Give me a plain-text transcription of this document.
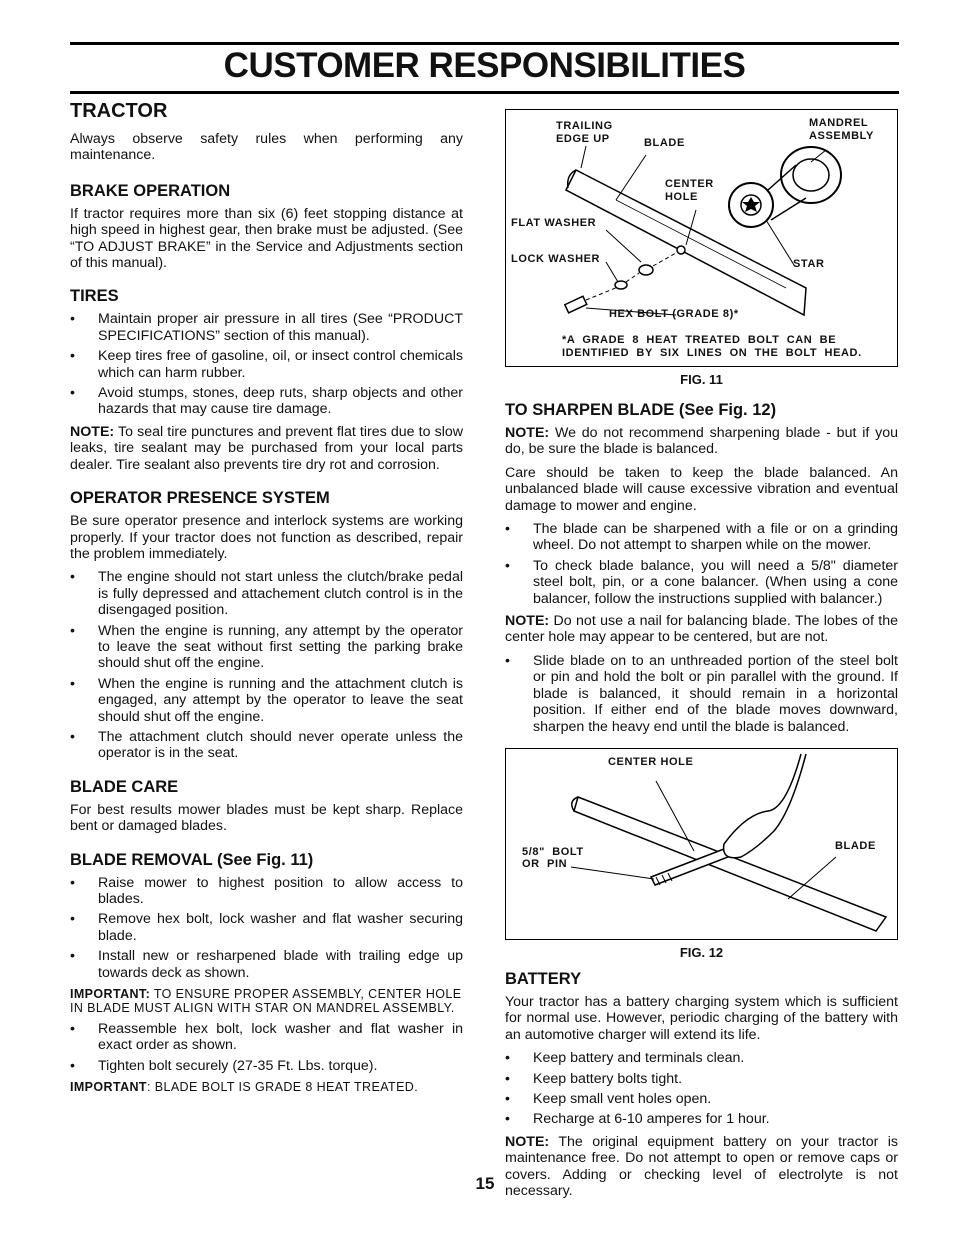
CUSTOMER RESPONSIBILITIES
TRACTOR

Always observe safety rules when performing any maintenance.

BRAKE OPERATION

If tractor requires more than six (6) feet stopping distance at high speed in highest gear, then brake must be adjusted. (See “TO ADJUST BRAKE” in the Service and Adjustments section of this manual).

TIRES
• Maintain proper air pressure in all tires (See “PRODUCT SPECIFICATIONS” section of this manual).
• Keep tires free of gasoline, oil, or insect control chemicals which can harm rubber.
• Avoid stumps, stones, deep ruts, sharp objects and other hazards that may cause tire damage.

NOTE: To seal tire punctures and prevent flat tires due to slow leaks, tire sealant may be purchased from your local parts dealer. Tire sealant also prevents tire dry rot and corrosion.

OPERATOR PRESENCE SYSTEM

Be sure operator presence and interlock systems are working properly. If your tractor does not function as described, repair the problem immediately.

• The engine should not start unless the clutch/brake pedal is fully depressed and attachement clutch control is in the disengaged position.
• When the engine is running, any attempt by the operator to leave the seat without first setting the parking brake should shut off the engine.
• When the engine is running and the attachment clutch is engaged, any attempt by the operator to leave the seat should shut off the engine.
• The attachment clutch should never operate unless the operator is in the seat.
BLADE CARE

For best results mower blades must be kept sharp. Replace bent or damaged blades.

BLADE REMOVAL (See Fig. 11)
• Raise mower to highest position to allow access to blades.
• Remove hex bolt, lock washer and flat washer securing blade.
• Install new or resharpened blade with trailing edge up towards deck as shown.

IMPORTANT: TO ENSURE PROPER ASSEMBLY, CENTER HOLE IN BLADE MUST ALIGN WITH STAR ON MANDREL ASSEMBLY.

• Reassemble hex bolt, lock washer and flat washer in exact order as shown.
• Tighten bolt securely (27-35 Ft. Lbs. torque).

IMPORTANT: BLADE BOLT IS GRADE 8 HEAT TREATED.

TRAILING
EDGE UP	BLADE
MANDREL
ASSEMBLY
CENTER
HOLE
FLAT WASHER
LOCK WASHER	STAR
HEX BOLT (GRADE 8)*
*A  GRADE  8  HEAT  TREATED  BOLT  CAN  BE
IDENTIFIED  BY  SIX  LINES  ON  THE  BOLT  HEAD.
FIG. 11
TO SHARPEN BLADE (See Fig. 12)

NOTE: We do not recommend sharpening blade - but if you do, be sure the blade is balanced.

Care should be taken to keep the blade balanced. An unbalanced blade will cause excessive vibration and eventual damage to mower and engine.

• The blade can be sharpened with a file or on a grinding wheel. Do not attempt to sharpen while on the mower.
• To check blade balance, you will need a 5/8" diameter steel bolt, pin, or a cone balancer. (When using a cone balancer, follow the instructions supplied with balancer.)

NOTE: Do not use a nail for balancing blade. The lobes of the center hole may appear to be centered, but are not.

• Slide blade on to an unthreaded portion of the steel bolt or pin and hold the bolt or pin parallel with the ground. If blade is balanced, it should remain in a horizontal position. If either end of the blade moves downward, sharpen the heavy end until the blade is balanced.
CENTER HOLE
5/8"  BOLT
OR  PIN
BLADE
FIG. 12
BATTERY

Your tractor has a battery charging system which is sufficient for normal use. However, periodic charging of the battery with an automotive charger will extend its life.

• Keep battery and terminals clean.
• Keep battery bolts tight.
• Keep small vent holes open.
• Recharge at 6-10 amperes for 1 hour.

NOTE: The original equipment battery on your tractor is maintenance free. Do not attempt to open or remove caps or covers. Adding or checking level of electrolyte is not necessary.

15
